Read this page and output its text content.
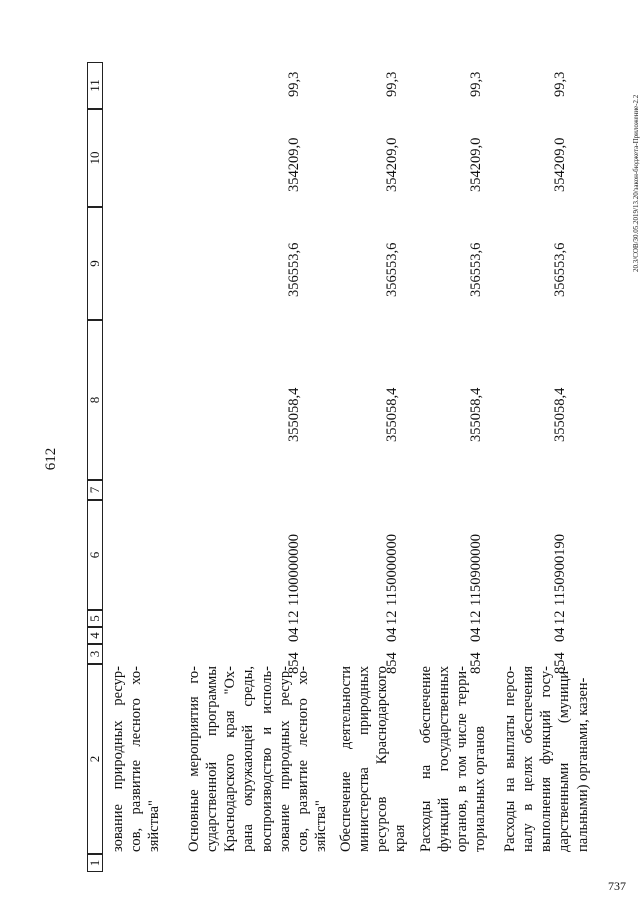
612
1
2
3
4
5
6
7
8
9
10
11
зование природных ресур-сов, развитие лесного хо-зяйства" Основные мероприятия го-сударственной программы Краснодарского края "Ох-рана окружающей среды, воспроизводство и исполь-зование природных ресур-сов, развитие лесного хо-зяйства"
854
04
12
1100000000
355058,4
356553,6
354209,0
99,3
Обеспечение деятельности министерства природных ресурсов Краснодарского края
854
04
12
1150000000
355058,4
356553,6
354209,0
99,3
Расходы на обеспечение функций государственных органов, в том числе терри-ториальных органов
854
04
12
1150900000
355058,4
356553,6
354209,0
99,3
Расходы на выплаты персо-налу в целях обеспечения выполнения функций госу-дарственными (муници-пальными) органами, казен-
854
04
12
1150900190
355058,4
356553,6
354209,0
99,3
20.3/СОВ/30.05.2019/13.20/закон-бюджета-Приложение-2.2
737
